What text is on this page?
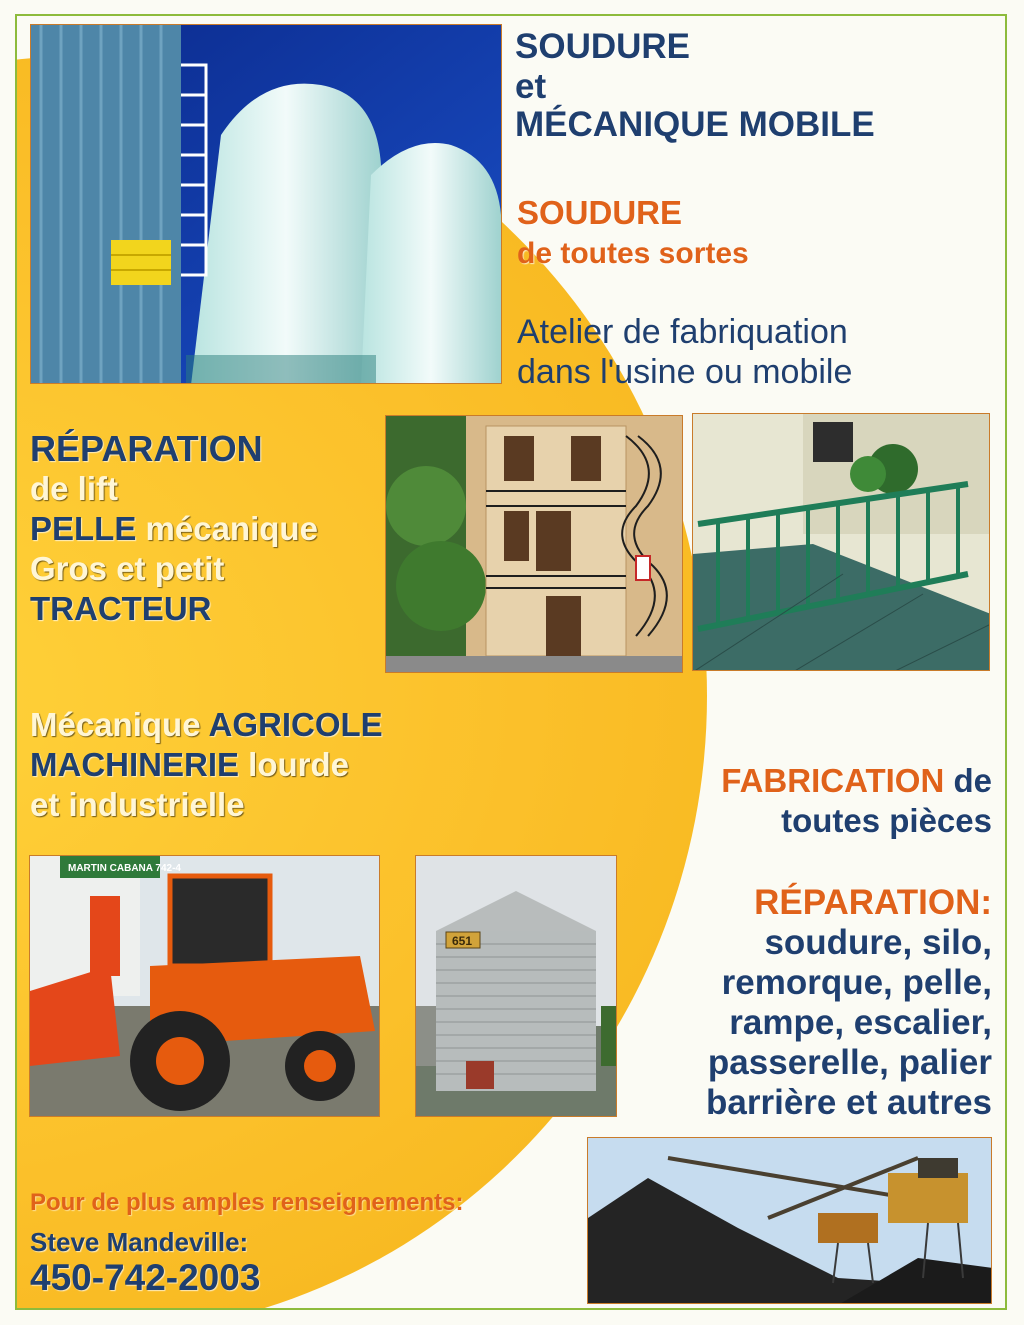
SOUDURE
et
MÉCANIQUE MOBILE
SOUDURE
de toutes sortes
Atelier de fabriquation
dans l'usine ou mobile
RÉPARATION
de lift
PELLE mécanique
Gros et petit
TRACTEUR
Mécanique AGRICOLE
MACHINERIE lourde
et industrielle
FABRICATION de
toutes pièces
RÉPARATION:
soudure, silo,
remorque, pelle,
rampe, escalier,
passerelle, palier
barrière et autres
MARTIN CABANA 742-4
651
Pour de plus amples renseignements:
Steve Mandeville:
450-742-2003
